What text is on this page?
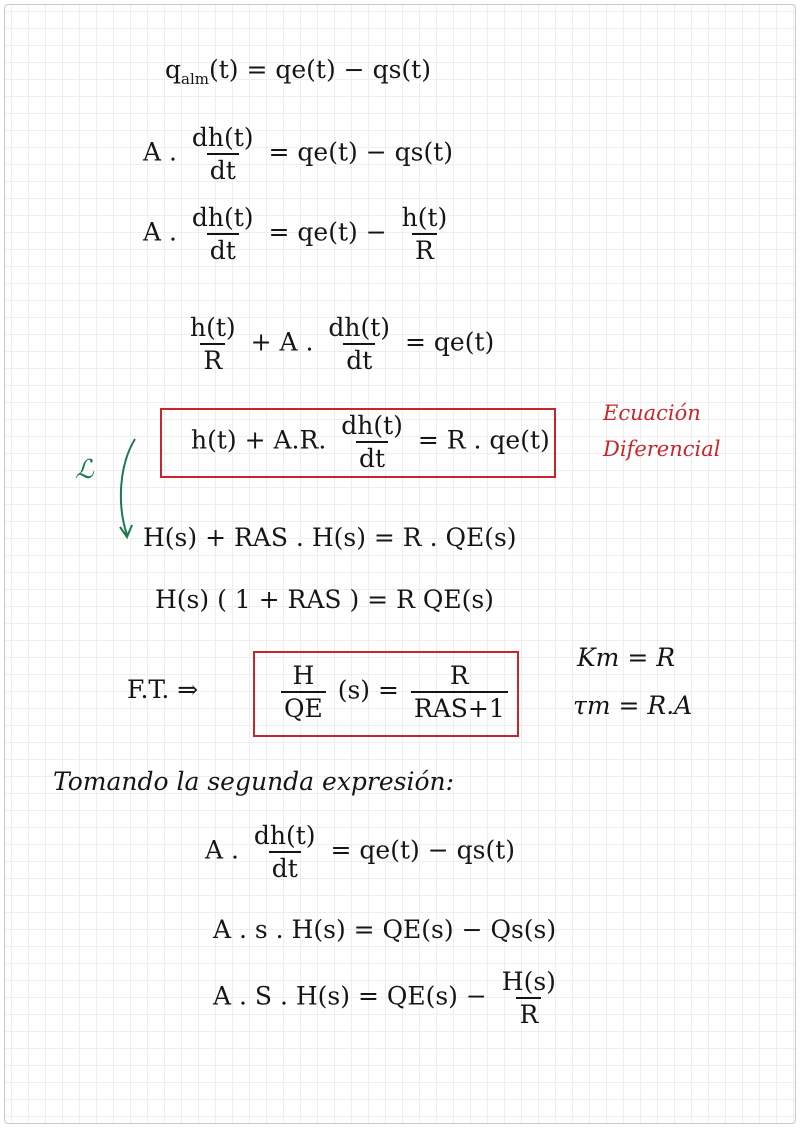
$q_{alm}(t) = qe(t) - qs(t)$
A . $\frac{dh(t)}{dt} = qe(t) - qs(t)$
A . $\frac{dh(t)}{dt} = qe(t) - \frac{h(t)}{R}$
$\frac{h(t)}{R} + A$ . $\frac{dh(t)}{dt} = qe(t)$
h(t) + A.R. $\frac{dh(t)}{dt} = R$ . qe(t)
Ecuación
Diferencial
ℒ
H(s) + RAS . H(s) = R . QE(s)
H(s) ( 1 + RAS ) = R QE(s)
F.T. ⇒	$\frac{H}{QE} (s) = \frac{R}{\text{RAS+1}}$
Km = R
τm = R.A
Tomando la segunda expresión:
A . $\frac{dh(t)}{dt} = qe(t) - qs(t)$
A . s . H(s) = QE(s) − Qs(s)
A . S . $H(s) = QE(s) - \frac{H(s)}{R}$
